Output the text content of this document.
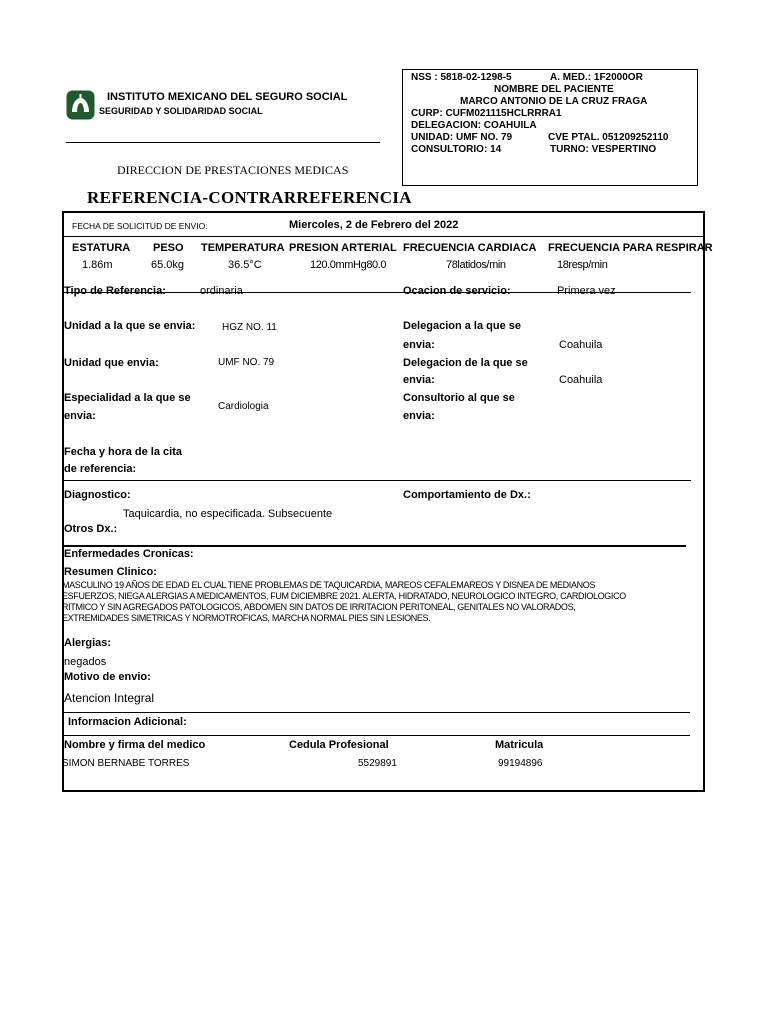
INSTITUTO MEXICANO DEL SEGURO SOCIAL
SEGURIDAD Y SOLIDARIDAD SOCIAL
DIRECCION DE PRESTACIONES MEDICAS
REFERENCIA-CONTRARREFERENCIA
NSS : 5818-02-1298-5	A. MED.: 1F2000OR
NOMBRE DEL PACIENTE
MARCO ANTONIO DE LA CRUZ FRAGA
CURP: CUFM021115HCLRRRA1
DELEGACION: COAHUILA
UNIDAD: UMF NO. 79	CVE PTAL. 051209252110
CONSULTORIO: 14	TURNO: VESPERTINO
FECHA DE SOLICITUD DE ENVIO:	Miercoles, 2 de Febrero del 2022
ESTATURA PESO TEMPERATURA PRESION ARTERIAL FRECUENCIA CARDIACA FRECUENCIA PARA RESPIRAR
1.86m	65.0kg	36.5°C	120.0mmHg80.0	78latidos/min	18resp/min
Tipo de Referencia:	ordinaria	Ocacion de servicio:	Primera vez
Unidad a la que se envia:	HGZ NO. 11	Delegacion a la que se
envia:	Coahuila
Unidad que envia:	UMF NO. 79	Delegacion de la que se
envia:	Coahuila
Especialidad a la que se
envia:
Cardiologia
Consultorio al que se
envia:
Fecha y hora de la cita
de referencia:
Diagnostico:	Comportamiento de Dx.:
Taquicardia, no especificada. Subsecuente
Otros Dx.:
Enfermedades Cronicas:
Resumen Clinico:
MASCULINO 19 AÑOS DE EDAD EL CUAL TIENE PROBLEMAS DE TAQUICARDIA, MAREOS CEFALEMAREOS Y DISNEA DE MEDIANOS
ESFUERZOS, NIEGA ALERGIAS A MEDICAMENTOS, FUM DICIEMBRE 2021. ALERTA, HIDRATADO, NEUROLOGICO INTEGRO, CARDIOLOGICO
RITMICO Y SIN AGREGADOS PATOLOGICOS, ABDOMEN SIN DATOS DE IRRITACION PERITONEAL, GENITALES NO VALORADOS,
EXTREMIDADES SIMETRICAS Y NORMOTROFICAS, MARCHA NORMAL PIES SIN LESIONES.
Alergias:
negados
Motivo de envio:
Atencion Integral
Informacion Adicional:
Nombre y firma del medico	Cedula Profesional	Matricula
SIMON BERNABE TORRES	5529891	99194896
